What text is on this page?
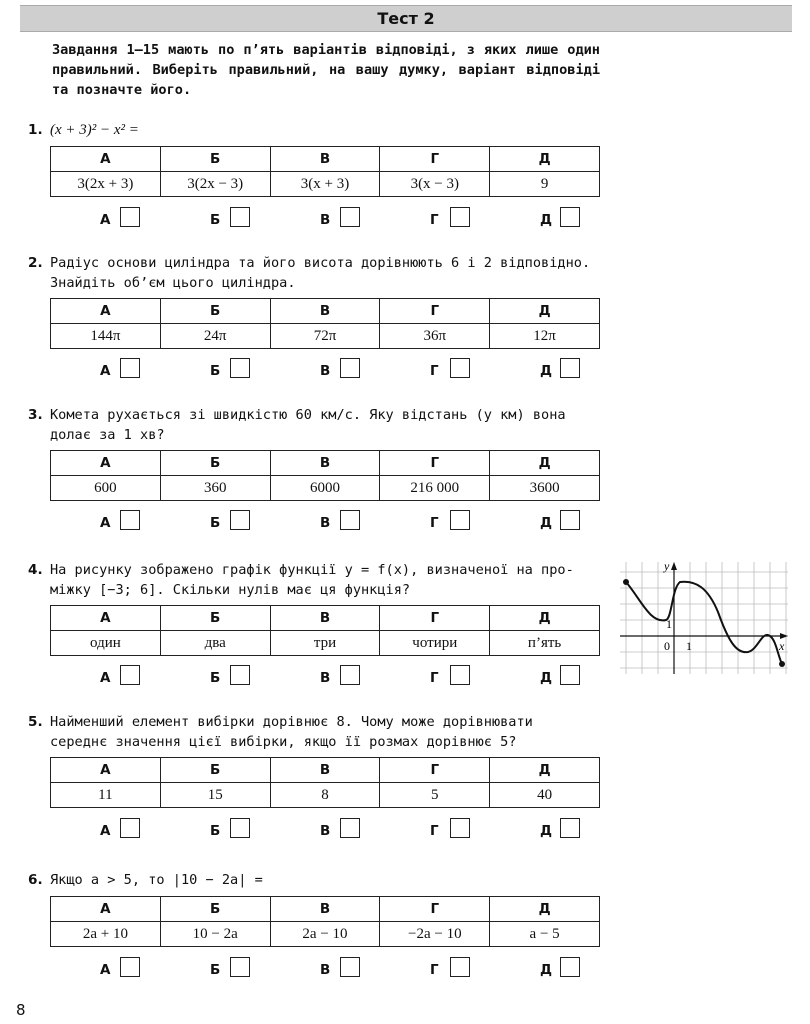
Тест 2
Завдання 1–15 мають по п’ять варіантів відповіді, з яких лише один правильний. Виберіть правильний, на вашу думку, варіант відповіді та позначте його.
1. (x + 3)² − x² =
А	Б	В	Г	Д
3(2x + 3)	3(2x − 3)	3(x + 3)	3(x − 3)	9
А	Б	В	Г	Д
2. Радіус основи циліндра та його висота дорівнюють 6 і 2 відповідно.
Знайдіть об’єм цього циліндра.
А	Б	В	Г	Д
144π	24π	72π	36π	12π
А	Б	В	Г	Д
3. Комета рухається зі швидкістю 60 км/с. Яку відстань (у км) вона
долає за 1 хв?
А	Б	В	Г	Д
600	360	6000	216 000	3600
А	Б	В	Г	Д
4. На рисунку зображено графік функції y = f(x), визначеної на про-
міжку [−3; 6]. Скільки нулів має ця функція?
А	Б	В	Г	Д
один	два	три	чотири	п’ять
А	Б	В	Г	Д
y
x
0 1
1
5. Найменший елемент вибірки дорівнює 8. Чому може дорівнювати
середнє значення цієї вибірки, якщо її розмах дорівнює 5?
А	Б	В	Г	Д
11	15	8	5	40
А	Б	В	Г	Д
6. Якщо a > 5, то |10 − 2a| =
А	Б	В	Г	Д
2a + 10	10 − 2a	2a − 10	−2a − 10	a − 5
А	Б	В	Г	Д
8
